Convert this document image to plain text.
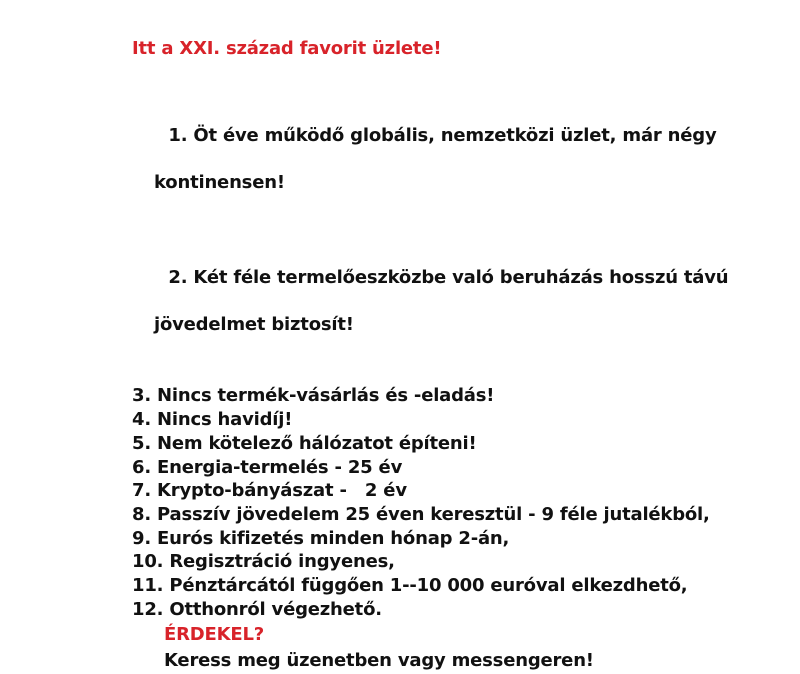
Itt a XXI. század favorit üzlete!

1. Öt éve működő globális, nemzetközi üzlet, már négy

kontinensen!

2. Két féle termelőeszközbe való beruházás hosszú távú

jövedelmet biztosít!

3. Nincs termék-vásárlás és -eladás!
4. Nincs havidíj!
5. Nem kötelező hálózatot építeni!
6. Energia-termelés - 25 év
7. Krypto-bányászat -   2 év
8. Passzív jövedelem 25 éven keresztül - 9 féle jutalékból,
9. Eurós kifizetés minden hónap 2-án,
10. Regisztráció ingyenes,
11. Pénztárcától függően 1--10 000 euróval elkezdhető,
12. Otthonról végezhető.
ÉRDEKEL?
Keress meg üzenetben vagy messengeren!
